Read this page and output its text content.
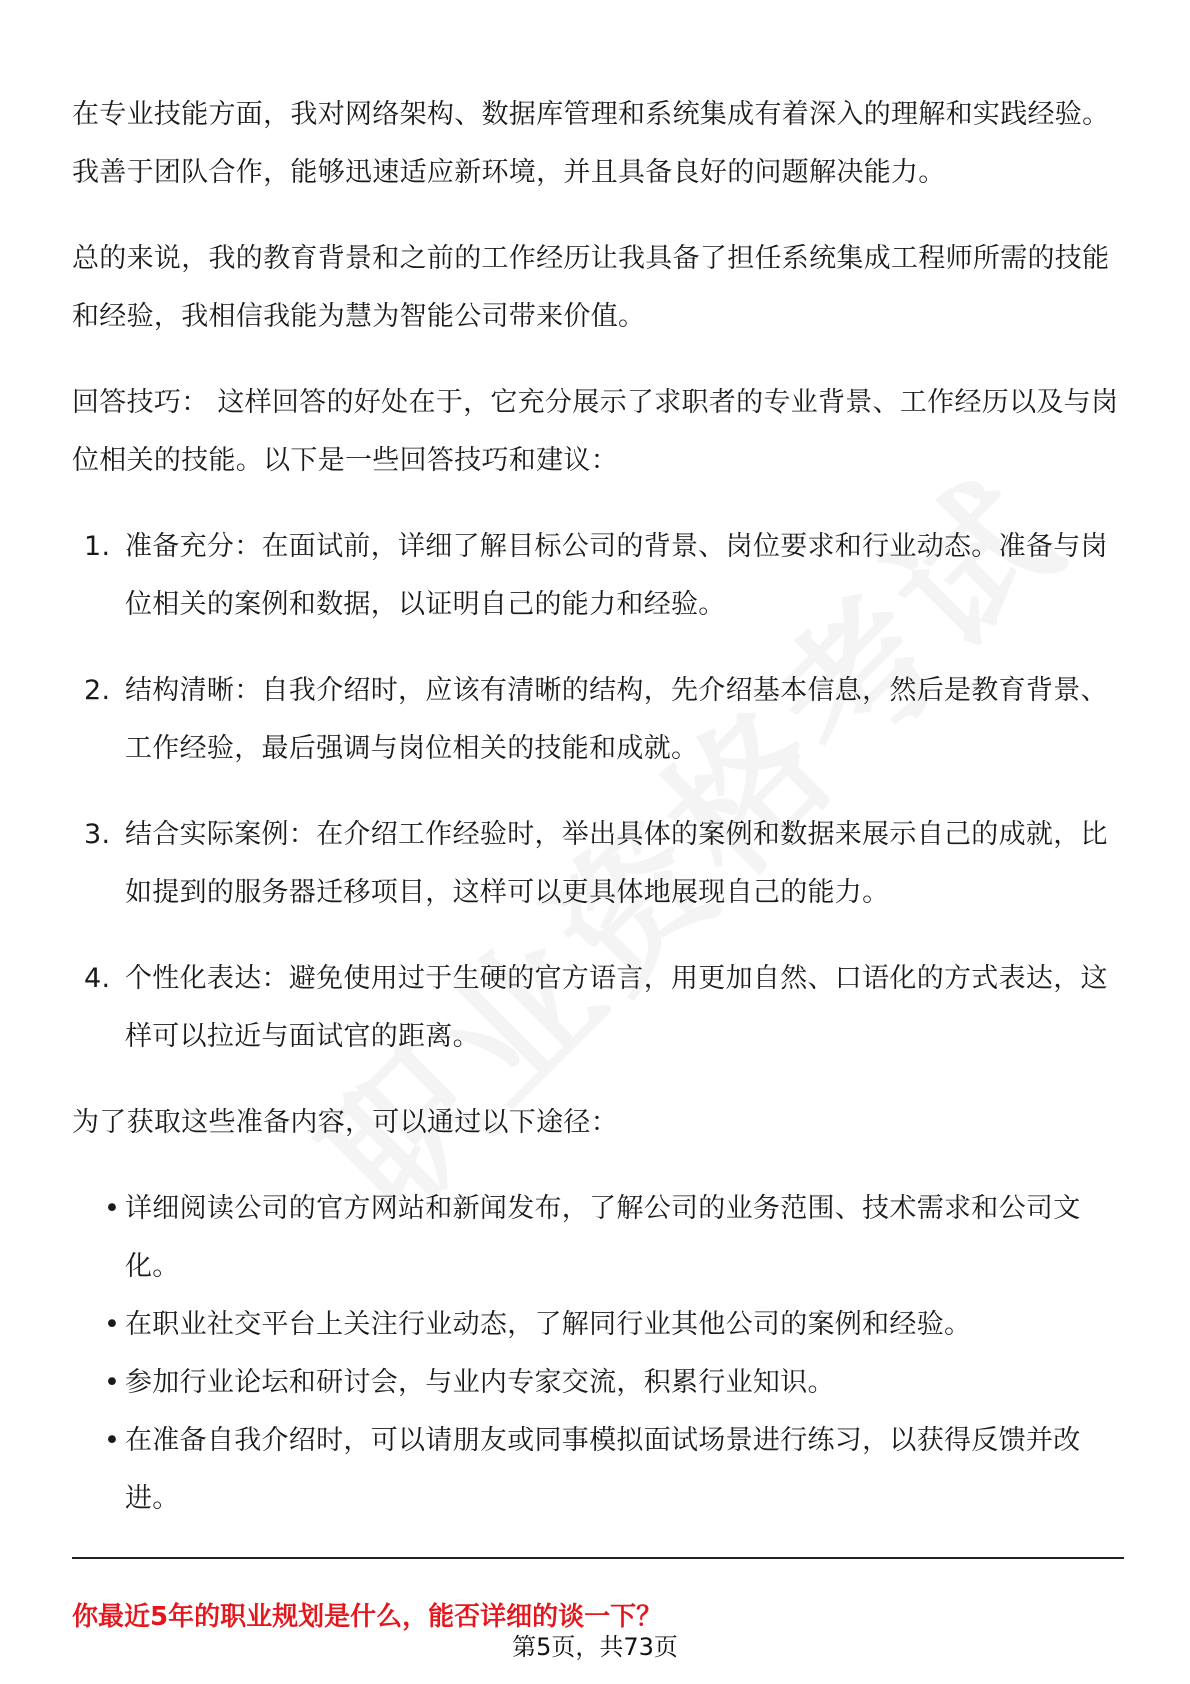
在专业技能方面，我对网络架构、数据库管理和系统集成有着深入的理解和实践经验。我善于团队合作，能够迅速适应新环境，并且具备良好的问题解决能力。

总的来说，我的教育背景和之前的工作经历让我具备了担任系统集成工程师所需的技能和经验，我相信我能为慧为智能公司带来价值。

回答技巧： 这样回答的好处在于，它充分展示了求职者的专业背景、工作经历以及与岗位相关的技能。以下是一些回答技巧和建议：

1. 准备充分：在面试前，详细了解目标公司的背景、岗位要求和行业动态。准备与岗位相关的案例和数据，以证明自己的能力和经验。
2. 结构清晰：自我介绍时，应该有清晰的结构，先介绍基本信息，然后是教育背景、工作经验，最后强调与岗位相关的技能和成就。
3. 结合实际案例：在介绍工作经验时，举出具体的案例和数据来展示自己的成就，比如提到的服务器迁移项目，这样可以更具体地展现自己的能力。
4. 个性化表达：避免使用过于生硬的官方语言，用更加自然、口语化的方式表达，这样可以拉近与面试官的距离。

为了获取这些准备内容，可以通过以下途径：

• 详细阅读公司的官方网站和新闻发布，了解公司的业务范围、技术需求和公司文化。
• 在职业社交平台上关注行业动态，了解同行业其他公司的案例和经验。
• 参加行业论坛和研讨会，与业内专家交流，积累行业知识。
• 在准备自我介绍时，可以请朋友或同事模拟面试场景进行练习，以获得反馈并改进。
你最近5年的职业规划是什么，能否详细的谈一下？
第5页，共73页
